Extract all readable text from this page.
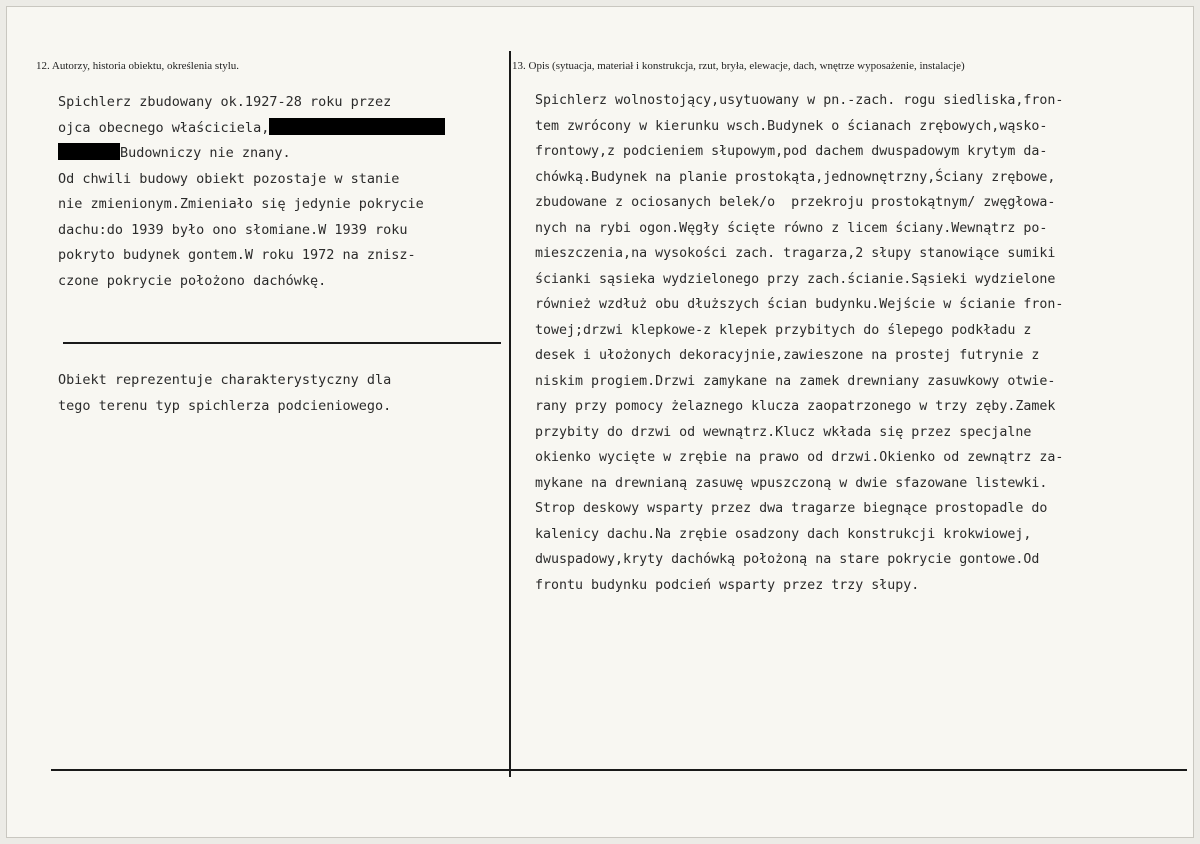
12. Autorzy, historia obiektu, określenia stylu.	13. Opis (sytuacja, materiał i konstrukcja, rzut, bryła, elewacje, dach, wnętrze wyposażenie, instalacje)
Spichlerz zbudowany ok.1927-28 roku przez
ojca obecnego właściciela,
Budowniczy nie znany.
Od chwili budowy obiekt pozostaje w stanie
nie zmienionym.Zmieniało się jedynie pokrycie
dachu:do 1939 było ono słomiane.W 1939 roku
pokryto budynek gontem.W roku 1972 na znisz-
czone pokrycie położono dachówkę.
Obiekt reprezentuje charakterystyczny dla
tego terenu typ spichlerza podcieniowego.
Spichlerz wolnostojący,usytuowany w pn.-zach. rogu siedliska,fron-
tem zwrócony w kierunku wsch.Budynek o ścianach zrębowych,wąsko-
frontowy,z podcieniem słupowym,pod dachem dwuspadowym krytym da-
chówką.Budynek na planie prostokąta,jednownętrzny,Ściany zrębowe,
zbudowane z ociosanych belek/o  przekroju prostokątnym/ zwęgłowa-
nych na rybi ogon.Węgły ścięte równo z licem ściany.Wewnątrz po-
mieszczenia,na wysokości zach. tragarza,2 słupy stanowiące sumiki
ścianki sąsieka wydzielonego przy zach.ścianie.Sąsieki wydzielone
również wzdłuż obu dłuższych ścian budynku.Wejście w ścianie fron-
towej;drzwi klepkowe-z klepek przybitych do ślepego podkładu z
desek i ułożonych dekoracyjnie,zawieszone na prostej futrynie z
niskim progiem.Drzwi zamykane na zamek drewniany zasuwkowy otwie-
rany przy pomocy żelaznego klucza zaopatrzonego w trzy zęby.Zamek
przybity do drzwi od wewnątrz.Klucz wkłada się przez specjalne
okienko wycięte w zrębie na prawo od drzwi.Okienko od zewnątrz za-
mykane na drewnianą zasuwę wpuszczoną w dwie sfazowane listewki.
Strop deskowy wsparty przez dwa tragarze biegnące prostopadle do
kalenicy dachu.Na zrębie osadzony dach konstrukcji krokwiowej,
dwuspadowy,kryty dachówką położoną na stare pokrycie gontowe.Od
frontu budynku podcień wsparty przez trzy słupy.
